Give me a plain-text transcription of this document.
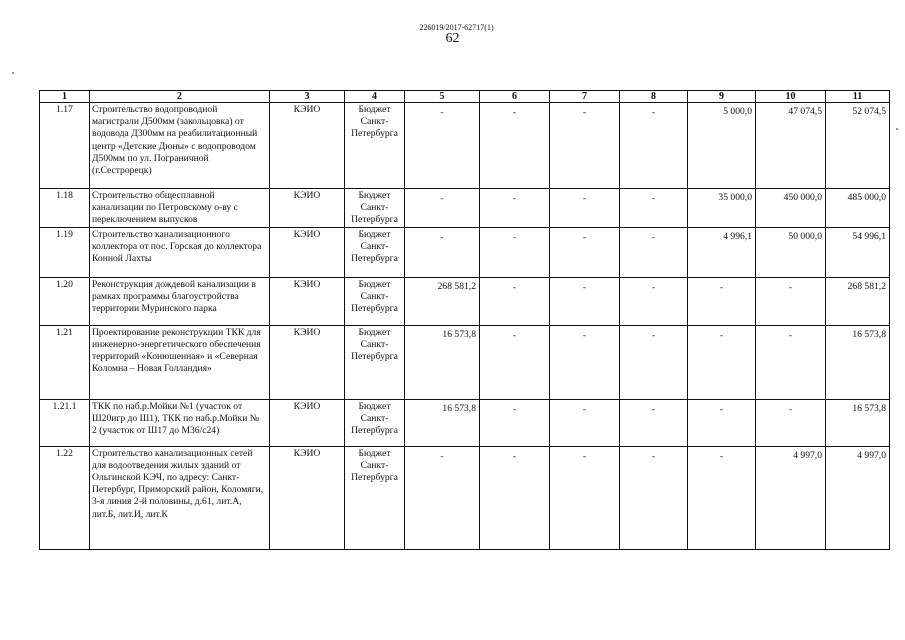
226019/2017-62717(1)
62
1	2	3	4	5	6	7	8	9	10	11
1.17	Строительство водопроводной магистрали Д500мм (закольцовка) от водовода Д300мм на реабилитационный центр «Детские Дюны» с водопроводом Д500мм по ул. Пограничной (г.Сестрорецк)	КЭИО	Бюджет Санкт-Петербурга	-	-	-	-	5 000,0	47 074,5	52 074,5
1.18	Строительство общесплавной канализации по Петровскому о-ву с переключением выпусков	КЭИО	Бюджет Санкт-Петербурга	-	-	-	-	35 000,0	450 000,0	485 000,0
1.19	Строительство канализационного коллектора от пос. Горская до коллектора Конной Лахты	КЭИО	Бюджет Санкт-Петербурга	-	-	-	-	4 996,1	50 000,0	54 996,1
1.20	Реконструкция дождевой канализации в рамках программы благоустройства территории Муринского парка	КЭИО	Бюджет Санкт-Петербурга	268 581,2	-	-	-	-	-	268 581,2
1.21	Проектирование реконструкции ТКК для инженерно-энергетического обеспечения территорий «Конюшенная» и «Северная Коломна – Новая Голландия»	КЭИО	Бюджет Санкт-Петербурга	16 573,8	-	-	-	-	-	16 573,8
1.21.1	ТКК по наб.р.Мойки №1 (участок от Ш20игр до Ш1), ТКК по наб.р.Мойки № 2 (участок от Ш17 до М36/с24)	КЭИО	Бюджет Санкт-Петербурга	16 573,8	-	-	-	-	-	16 573,8
1.22	Строительство канализационных сетей для водоотведения жилых зданий от Ольгинской КЭЧ, по адресу: Санкт-Петербург, Приморский район, Коломяги, 3-я линия 2-й половины, д.61, лит.А, лит.Б, лит.И, лит.К	КЭИО	Бюджет Санкт-Петербурга	-	-	-	-	-	4 997,0	4 997,0
